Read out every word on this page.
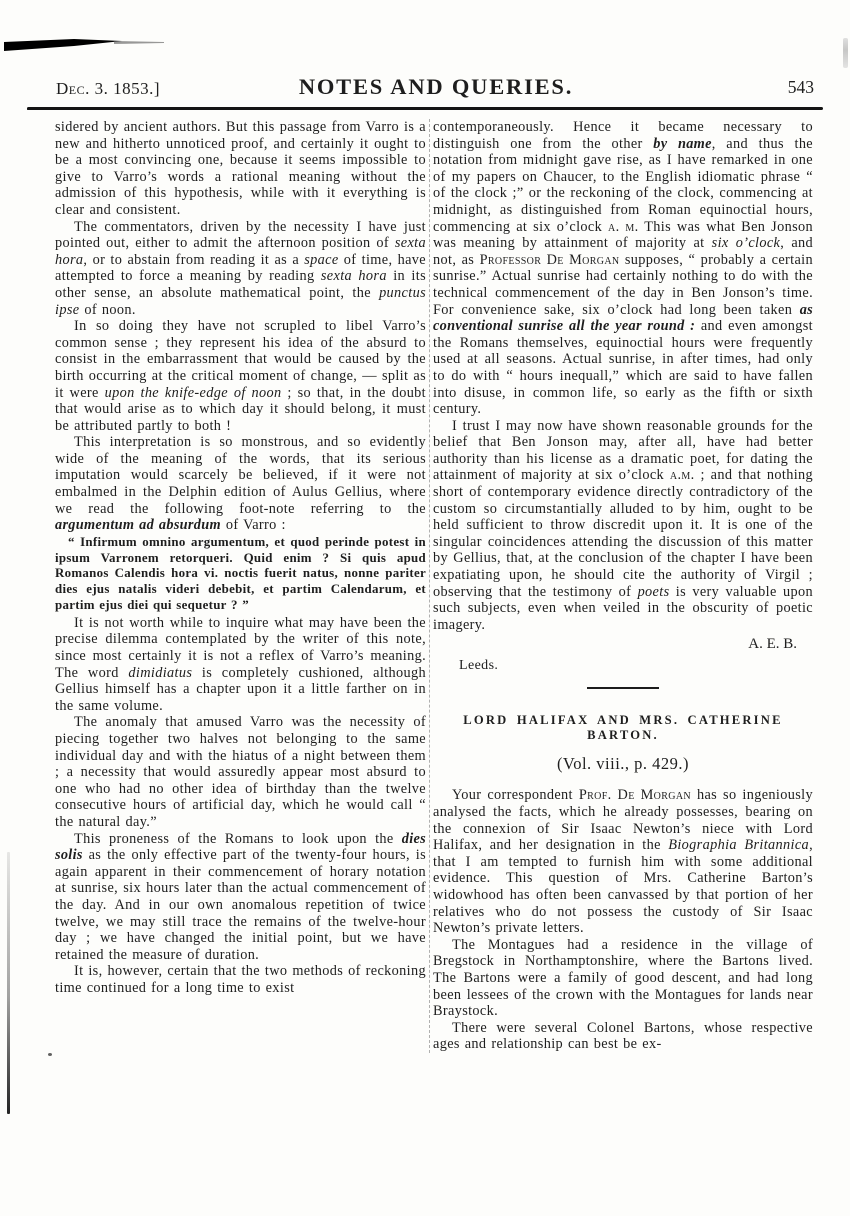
Dec. 3. 1853.]	NOTES AND QUERIES.	543

sidered by ancient authors. But this passage from Varro is a new and hitherto unnoticed proof, and certainly it ought to be a most convincing one, because it seems impossible to give to Varro’s words a rational meaning without the admission of this hypothesis, while with it everything is clear and consistent.

The commentators, driven by the necessity I have just pointed out, either to admit the afternoon position of sexta hora, or to abstain from reading it as a space of time, have attempted to force a meaning by reading sexta hora in its other sense, an absolute mathematical point, the punctus ipse of noon.

In so doing they have not scrupled to libel Varro’s common sense ; they represent his idea of the absurd to consist in the embarrassment that would be caused by the birth occurring at the critical moment of change, — split as it were upon the knife-edge of noon ; so that, in the doubt that would arise as to which day it should belong, it must be attributed partly to both !

This interpretation is so monstrous, and so evidently wide of the meaning of the words, that its serious imputation would scarcely be believed, if it were not embalmed in the Delphin edition of Aulus Gellius, where we read the following foot-note referring to the argumentum ad absurdum of Varro :

“ Infirmum omnino argumentum, et quod perinde potest in ipsum Varronem retorqueri. Quid enim ? Si quis apud Romanos Calendis hora vi. noctis fuerit natus, nonne pariter dies ejus natalis videri debebit, et partim Calendarum, et partim ejus diei qui sequetur ? ”

It is not worth while to inquire what may have been the precise dilemma contemplated by the writer of this note, since most certainly it is not a reflex of Varro’s meaning. The word dimidiatus is completely cushioned, although Gellius himself has a chapter upon it a little farther on in the same volume.

The anomaly that amused Varro was the necessity of piecing together two halves not belonging to the same individual day and with the hiatus of a night between them ; a necessity that would assuredly appear most absurd to one who had no other idea of birthday than the twelve consecutive hours of artificial day, which he would call “ the natural day.”

This proneness of the Romans to look upon the dies solis as the only effective part of the twenty-four hours, is again apparent in their commencement of horary notation at sunrise, six hours later than the actual commencement of the day. And in our own anomalous repetition of twice twelve, we may still trace the remains of the twelve-hour day ; we have changed the initial point, but we have retained the measure of duration.

It is, however, certain that the two methods of reckoning time continued for a long time to exist

contemporaneously. Hence it became necessary to distinguish one from the other by name, and thus the notation from midnight gave rise, as I have remarked in one of my papers on Chaucer, to the English idiomatic phrase “ of the clock ;” or the reckoning of the clock, commencing at midnight, as distinguished from Roman equinoctial hours, commencing at six o’clock a. m. This was what Ben Jonson was meaning by attainment of majority at six o’clock, and not, as Professor De Morgan supposes, “ probably a certain sunrise.” Actual sunrise had certainly nothing to do with the technical commencement of the day in Ben Jonson’s time. For convenience sake, six o’clock had long been taken as conventional sunrise all the year round : and even amongst the Romans themselves, equinoctial hours were frequently used at all seasons. Actual sunrise, in after times, had only to do with “ hours inequall,” which are said to have fallen into disuse, in common life, so early as the fifth or sixth century.

I trust I may now have shown reasonable grounds for the belief that Ben Jonson may, after all, have had better authority than his license as a dramatic poet, for dating the attainment of majority at six o’clock a.m. ; and that nothing short of contemporary evidence directly contradictory of the custom so circumstantially alluded to by him, ought to be held sufficient to throw discredit upon it. It is one of the singular coincidences attending the discussion of this matter by Gellius, that, at the conclusion of the chapter I have been expatiating upon, he should cite the authority of Virgil ; observing that the testimony of poets is very valuable upon such subjects, even when veiled in the obscurity of poetic imagery.

A. E. B.
Leeds.
LORD HALIFAX AND MRS. CATHERINE BARTON.
(Vol. viii., p. 429.)

Your correspondent Prof. De Morgan has so ingeniously analysed the facts, which he already possesses, bearing on the connexion of Sir Isaac Newton’s niece with Lord Halifax, and her designation in the Biographia Britannica, that I am tempted to furnish him with some additional evidence. This question of Mrs. Catherine Barton’s widowhood has often been canvassed by that portion of her relatives who do not possess the custody of Sir Isaac Newton’s private letters.

The Montagues had a residence in the village of Bregstock in Northamptonshire, where the Bartons lived. The Bartons were a family of good descent, and had long been lessees of the crown with the Montagues for lands near Braystock.

There were several Colonel Bartons, whose respective ages and relationship can best be ex-
